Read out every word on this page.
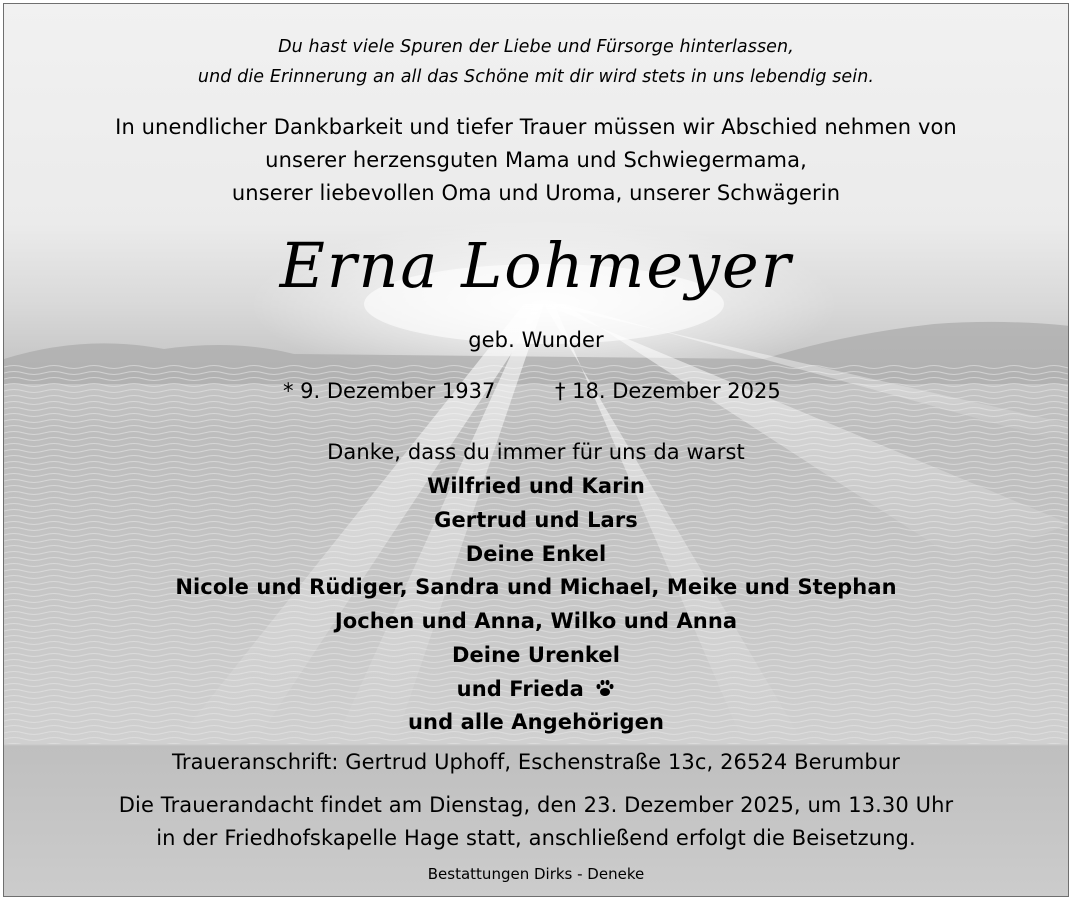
Du hast viele Spuren der Liebe und Fürsorge hinterlassen,
und die Erinnerung an all das Schöne mit dir wird stets in uns lebendig sein.
In unendlicher Dankbarkeit und tiefer Trauer müssen wir Abschied nehmen von
unserer herzensguten Mama und Schwiegermama,
unserer liebevollen Oma und Uroma, unserer Schwägerin
Erna Lohmeyer
geb. Wunder
* 9. Dezember 1937	† 18. Dezember 2025
Danke, dass du immer für uns da warst
Wilfried und Karin
Gertrud und Lars
Deine Enkel
Nicole und Rüdiger, Sandra und Michael, Meike und Stephan
Jochen und Anna, Wilko und Anna
Deine Urenkel
und Frieda
und alle Angehörigen
Traueranschrift: Gertrud Uphoff, Eschenstraße 13c, 26524 Berumbur
Die Trauerandacht findet am Dienstag, den 23. Dezember 2025, um 13.30 Uhr
in der Friedhofskapelle Hage statt, anschließend erfolgt die Beisetzung.
Bestattungen Dirks - Deneke
